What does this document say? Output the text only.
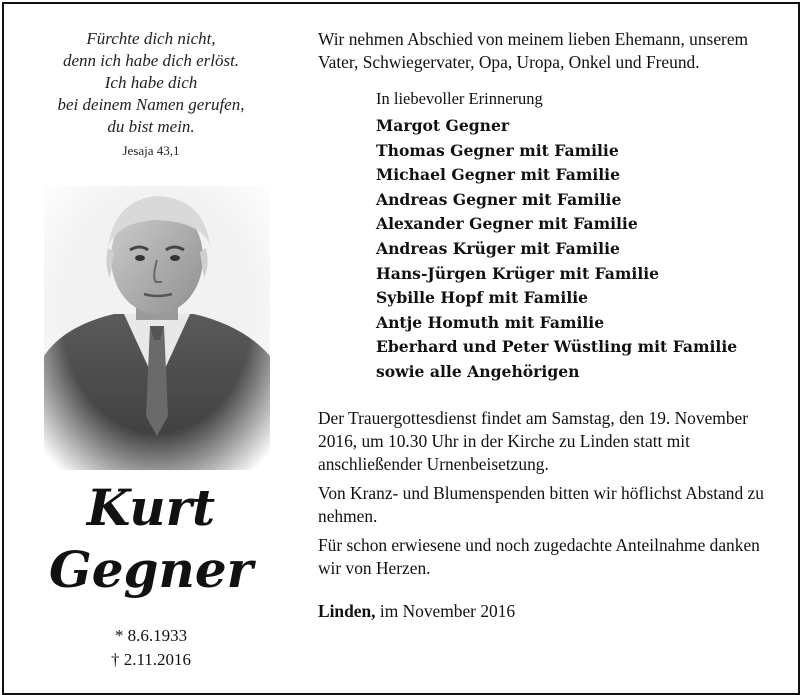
Fürchte dich nicht,
denn ich habe dich erlöst.
Ich habe dich
bei deinem Namen gerufen,
du bist mein.
Jesaja 43,1
Kurt
Gegner
* 8.6.1933
† 2.11.2016

Wir nehmen Abschied von meinem lieben Ehemann, unserem Vater, Schwiegervater, Opa, Uropa, Onkel und Freund.

In liebevoller Erinnerung

Margot Gegner
Thomas Gegner mit Familie
Michael Gegner mit Familie
Andreas Gegner mit Familie
Alexander Gegner mit Familie
Andreas Krüger mit Familie
Hans-Jürgen Krüger mit Familie
Sybille Hopf mit Familie
Antje Homuth mit Familie
Eberhard und Peter Wüstling mit Familie
sowie alle Angehörigen

Der Trauergottesdienst findet am Samstag, den 19. November 2016, um 10.30 Uhr in der Kirche zu Linden statt mit anschließender Urnenbeisetzung.

Von Kranz- und Blumenspenden bitten wir höflichst Abstand zu nehmen.

Für schon erwiesene und noch zugedachte Anteilnahme danken wir von Herzen.

Linden, im November 2016
